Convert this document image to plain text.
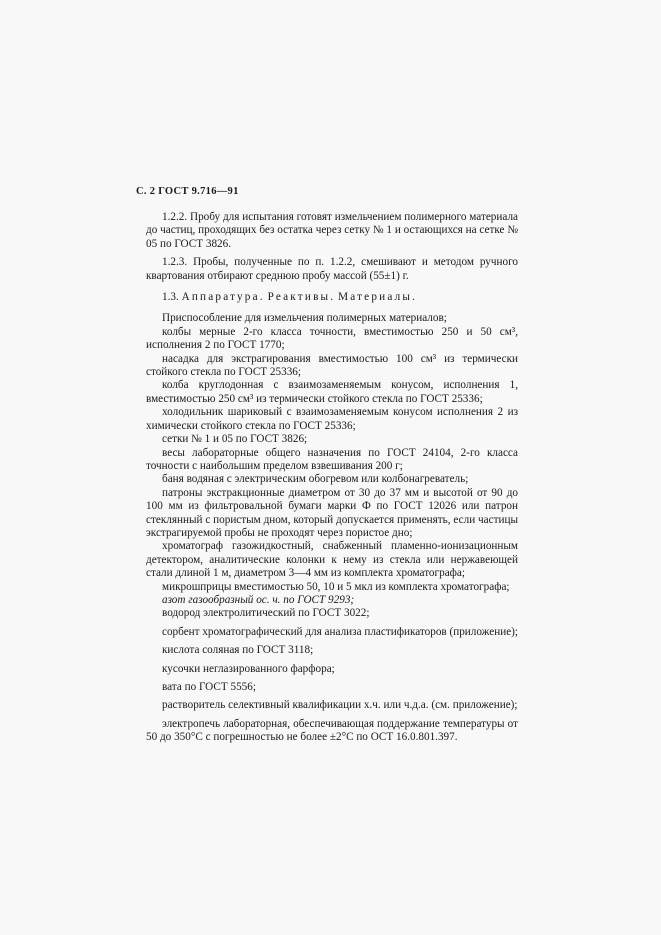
С. 2 ГОСТ 9.716—91

1.2.2. Пробу для испытания готовят измельчением полимерного материала до частиц, проходящих без остатка через сетку № 1 и остающихся на сетке № 05 по ГОСТ 3826.

1.2.3. Пробы, полученные по п. 1.2.2, смешивают и методом ручного квартования отбирают среднюю пробу массой (55±1) г.

1.3. Аппаратура. Реактивы. Материалы.

Приспособление для измельчения полимерных материалов;

колбы мерные 2-го класса точности, вместимостью 250 и 50 см³, исполнения 2 по ГОСТ 1770;

насадка для экстрагирования вместимостью 100 см³ из термически стойкого стекла по ГОСТ 25336;

колба круглодонная с взаимозаменяемым конусом, исполнения 1, вместимостью 250 см³ из термически стойкого стекла по ГОСТ 25336;

холодильник шариковый с взаимозаменяемым конусом исполнения 2 из химически стойкого стекла по ГОСТ 25336;

сетки № 1 и 05 по ГОСТ 3826;

весы лабораторные общего назначения по ГОСТ 24104, 2-го класса точности с наибольшим пределом взвешивания 200 г;

баня водяная с электрическим обогревом или колбонагреватель;

патроны экстракционные диаметром от 30 до 37 мм и высотой от 90 до 100 мм из фильтровальной бумаги марки Ф по ГОСТ 12026 или патрон стеклянный с пористым дном, который допускается применять, если частицы экстрагируемой пробы не проходят через пористое дно;

хроматограф газожидкостный, снабженный пламенно-ионизационным детектором, аналитические колонки к нему из стекла или нержавеющей стали длиной 1 м, диаметром 3—4 мм из комплекта хроматографа;

микрошприцы вместимостью 50, 10 и 5 мкл из комплекта хроматографа;

азот газообразный ос. ч. по ГОСТ 9293;

водород электролитический по ГОСТ 3022;

сорбент хроматографический для анализа пластификаторов (приложение);

кислота соляная по ГОСТ 3118;

кусочки неглазированного фарфора;

вата по ГОСТ 5556;

растворитель селективный квалификации х.ч. или ч.д.а. (см. приложение);

электропечь лабораторная, обеспечивающая поддержание температуры от 50 до 350°С с погрешностью не более ±2°С по ОСТ 16.0.801.397.
